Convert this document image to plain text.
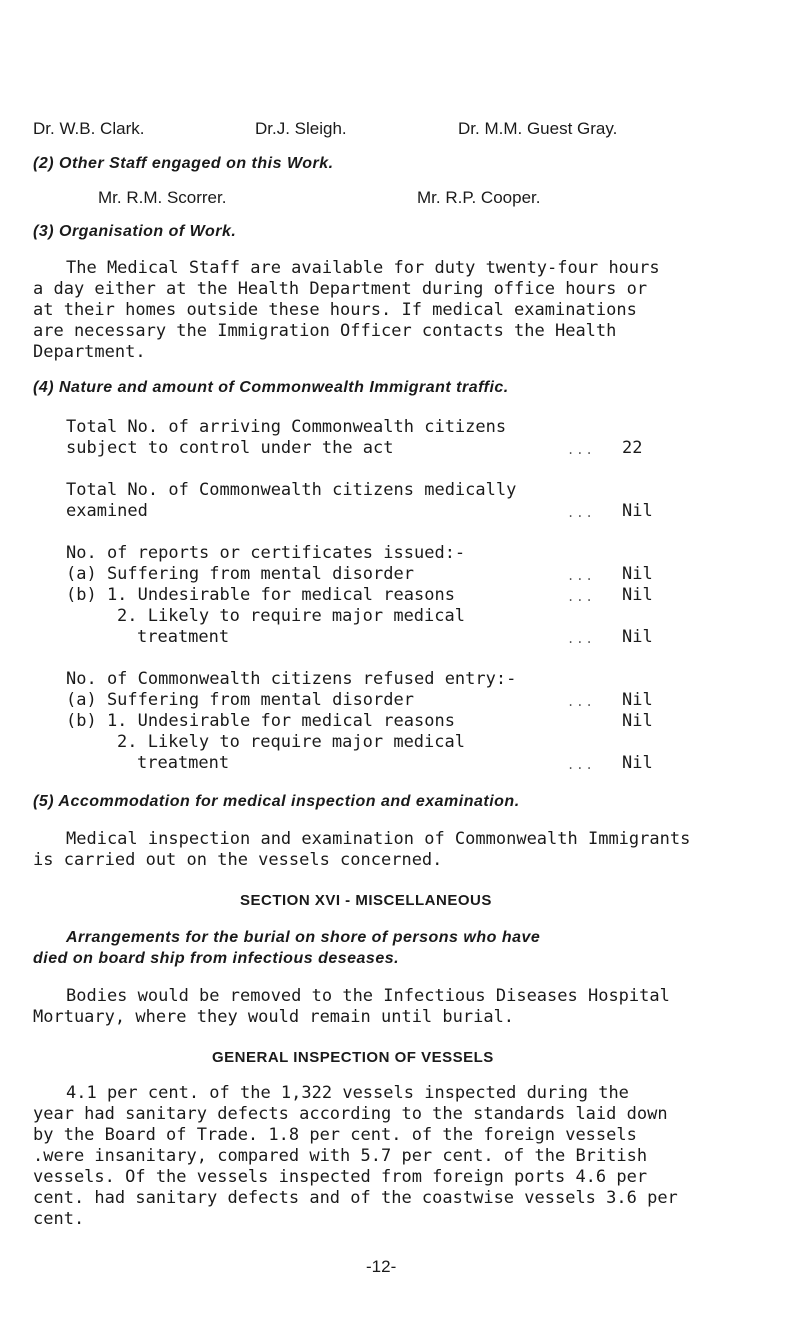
Dr. W.B. Clark.	Dr.J. Sleigh.	Dr. M.M. Guest Gray.
(2) Other Staff engaged on this Work.
Mr. R.M. Scorrer.	Mr. R.P. Cooper.
(3) Organisation of Work.
The Medical Staff are available for duty twenty-four hours
a day either at the Health Department during office hours or
at their homes outside these hours. If medical examinations
are necessary the Immigration Officer contacts the Health
Department.
(4) Nature and amount of Commonwealth Immigrant traffic.
Total No. of arriving Commonwealth citizens
subject to control under the act	... 22
Total No. of Commonwealth citizens medically
examined	... Nil
No. of reports or certificates issued:-
(a) Suffering from mental disorder	... Nil
(b) 1. Undesirable for medical reasons	... Nil
2. Likely to require major medical
treatment	... Nil
No. of Commonwealth citizens refused entry:-
(a) Suffering from mental disorder	... Nil
(b) 1. Undesirable for medical reasons	Nil
2. Likely to require major medical
treatment	... Nil
(5) Accommodation for medical inspection and examination.
Medical inspection and examination of Commonwealth Immigrants
is carried out on the vessels concerned.
SECTION XVI - MISCELLANEOUS
Arrangements for the burial on shore of persons who have
died on board ship from infectious deseases.
Bodies would be removed to the Infectious Diseases Hospital
Mortuary, where they would remain until burial.
GENERAL INSPECTION OF VESSELS
4.1 per cent. of the 1,322 vessels inspected during the
year had sanitary defects according to the standards laid down
by the Board of Trade. 1.8 per cent. of the foreign vessels
.were insanitary, compared with 5.7 per cent. of the British
vessels. Of the vessels inspected from foreign ports 4.6 per
cent. had sanitary defects and of the coastwise vessels 3.6 per
cent.
-12-
